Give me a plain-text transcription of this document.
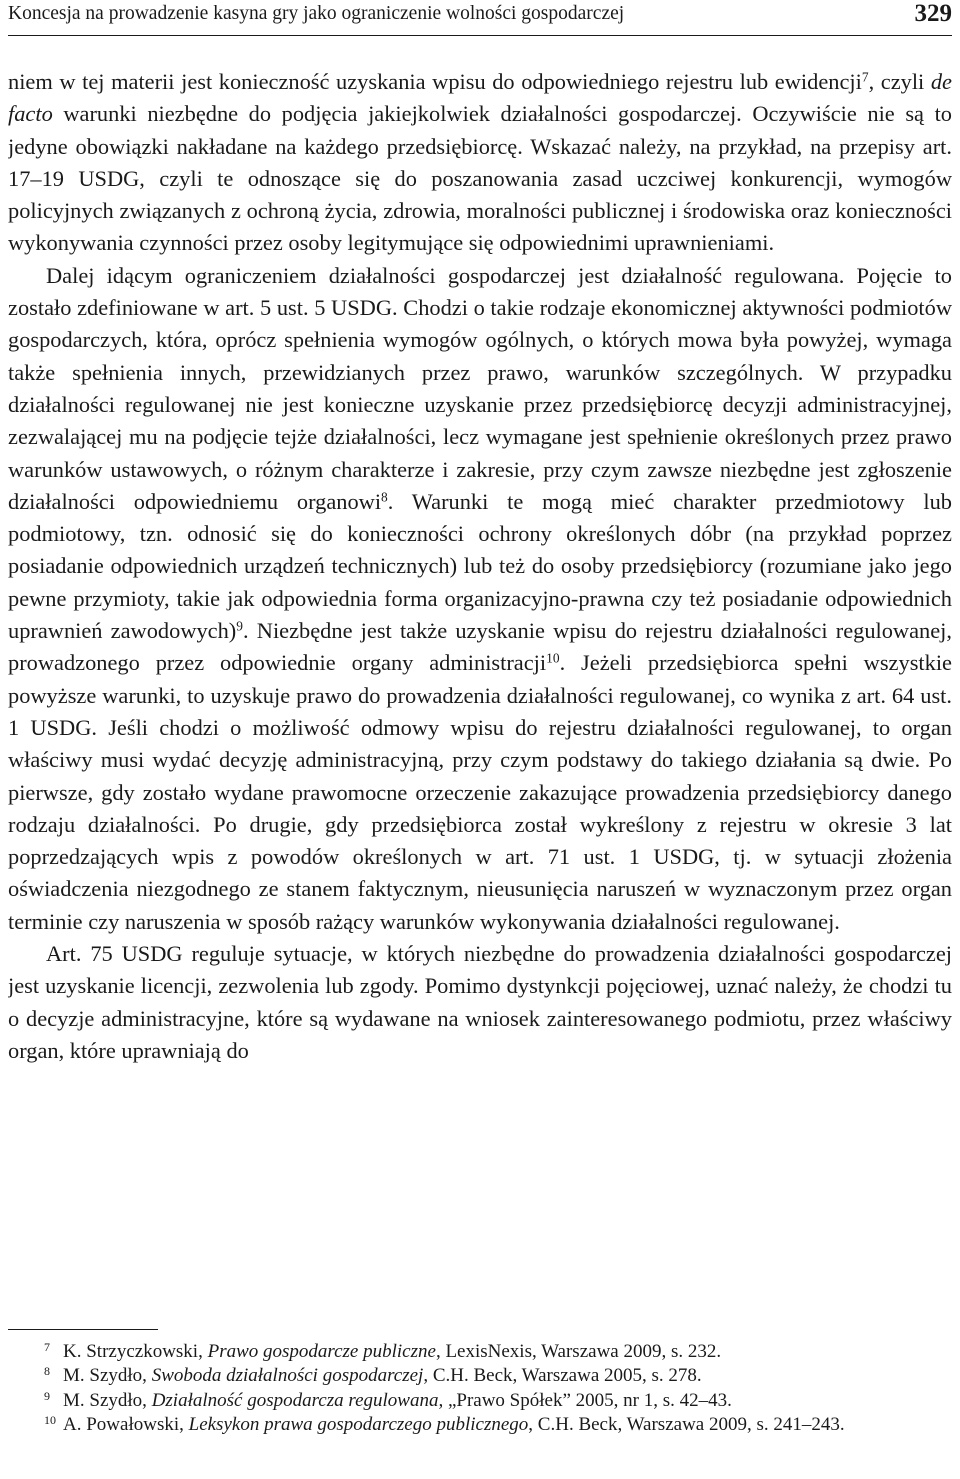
Koncesja na prowadzenie kasyna gry jako ograniczenie wolności gospodarczej	329

niem w tej materii jest konieczność uzyskania wpisu do odpowiedniego rejestru lub ewidencji$^7$, czyli de facto warunki niezbędne do podjęcia jakiejkolwiek działalności gospodarczej. Oczywiście nie są to jedyne obowiązki nakładane na każdego przedsiębiorcę. Wskazać należy, na przykład, na przepisy art. 17–19 USDG, czyli te odnoszące się do poszanowania zasad uczciwej konkurencji, wymogów policyjnych związanych z ochroną życia, zdrowia, moralności publicznej i środowiska oraz konieczności wykonywania czynności przez osoby legitymujące się odpowiednimi uprawnieniami.

Dalej idącym ograniczeniem działalności gospodarczej jest działalność regulowana. Pojęcie to zostało zdefiniowane w art. 5 ust. 5 USDG. Chodzi o takie rodzaje ekonomicznej aktywności podmiotów gospodarczych, która, oprócz spełnienia wymogów ogólnych, o których mowa była powyżej, wymaga także spełnienia innych, przewidzianych przez prawo, warunków szczególnych. W przypadku działalności regulowanej nie jest konieczne uzyskanie przez przedsiębiorcę decyzji administracyjnej, zezwalającej mu na podjęcie tejże działalności, lecz wymagane jest spełnienie określonych przez prawo warunków ustawowych, o różnym charakterze i zakresie, przy czym zawsze niezbędne jest zgłoszenie działalności odpowiedniemu organowi$^8$. Warunki te mogą mieć charakter przedmiotowy lub podmiotowy, tzn. odnosić się do konieczności ochrony określonych dóbr (na przykład poprzez posiadanie odpowiednich urządzeń technicznych) lub też do osoby przedsiębiorcy (rozumiane jako jego pewne przymioty, takie jak odpowiednia forma organizacyjno-prawna czy też posiadanie odpowiednich uprawnień zawodowych)$^9$. Niezbędne jest także uzyskanie wpisu do rejestru działalności regulowanej, prowadzonego przez odpowiednie organy administracji$^{10}$. Jeżeli przedsiębiorca spełni wszystkie powyższe warunki, to uzyskuje prawo do prowadzenia działalności regulowanej, co wynika z art. 64 ust. 1 USDG. Jeśli chodzi o możliwość odmowy wpisu do rejestru działalności regulowanej, to organ właściwy musi wydać decyzję administracyjną, przy czym podstawy do takiego działania są dwie. Po pierwsze, gdy zostało wydane prawomocne orzeczenie zakazujące prowadzenia przedsiębiorcy danego rodzaju działalności. Po drugie, gdy przedsiębiorca został wykreślony z rejestru w okresie 3 lat poprzedzających wpis z powodów określonych w art. 71 ust. 1 USDG, tj. w sytuacji złożenia oświadczenia niezgodnego ze stanem faktycznym, nieusunięcia naruszeń w wyznaczonym przez organ terminie czy naruszenia w sposób rażący warunków wykonywania działalności regulowanej.

Art. 75 USDG reguluje sytuacje, w których niezbędne do prowadzenia działalności gospodarczej jest uzyskanie licencji, zezwolenia lub zgody. Pomimo dystynkcji pojęciowej, uznać należy, że chodzi tu o decyzje administracyjne, które są wydawane na wniosek zainteresowanego podmiotu, przez właściwy organ, które uprawniają do

7 K. Strzyczkowski, Prawo gospodarcze publiczne, LexisNexis, Warszawa 2009, s. 232.
8 M. Szydło, Swoboda działalności gospodarczej, C.H. Beck, Warszawa 2005, s. 278.
9 M. Szydło, Działalność gospodarcza regulowana, „Prawo Spółek” 2005, nr 1, s. 42–43.
10 A. Powałowski, Leksykon prawa gospodarczego publicznego, C.H. Beck, Warszawa 2009, s. 241–243.
